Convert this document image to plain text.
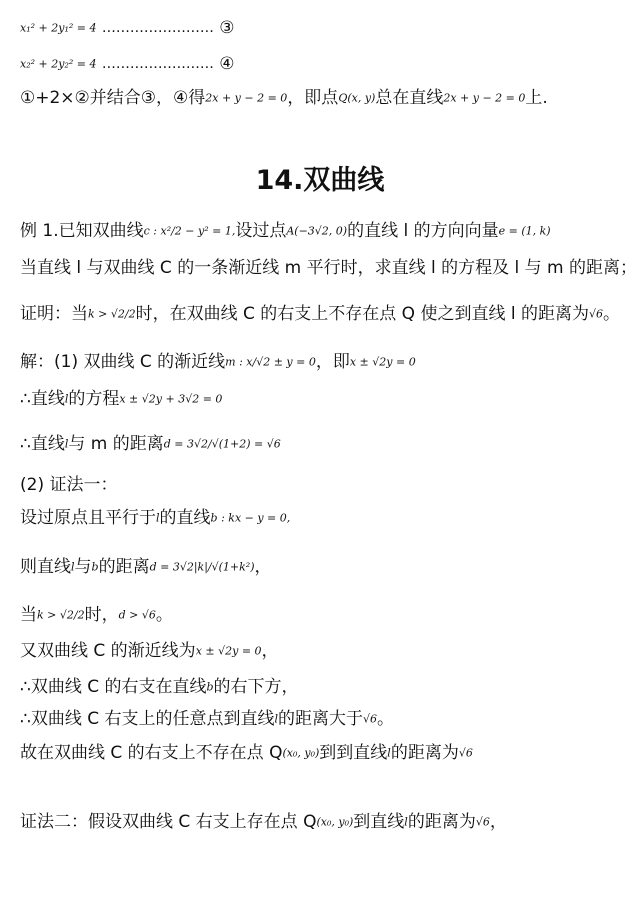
x₁² + 2y₁² = 4 …………………… ③
x₂² + 2y₂² = 4 …………………… ④
①+2×②并结合③，④得2x + y − 2 = 0，即点Q(x, y)总在直线2x + y − 2 = 0上.
14.双曲线
例 1.已知双曲线c : x²/2 − y² = 1,设过点A(−3√2, 0)的直线 l 的方向向量e = (1, k)
当直线 l 与双曲线 C 的一条渐近线 m 平行时，求直线 l 的方程及 l 与 m 的距离；
证明：当k > √2/2时，在双曲线 C 的右支上不存在点 Q 使之到直线 l 的距离为√6。
解：(1) 双曲线 C 的渐近线m : x/√2 ± y = 0，即x ± √2y = 0
∴直线l的方程x ± √2y + 3√2 = 0
∴直线l与 m 的距离d = 3√2/√(1+2) = √6
(2) 证法一：
设过原点且平行于l的直线b : kx − y = 0,
则直线l与b的距离d = 3√2|k|/√(1+k²)，
当k > √2/2时，d > √6。
又双曲线 C 的渐近线为x ± √2y = 0，
∴双曲线 C 的右支在直线b的右下方，
∴双曲线 C 右支上的任意点到直线l的距离大于√6。
故在双曲线 C 的右支上不存在点 Q(x₀, y₀)到到直线l的距离为√6
证法二：假设双曲线 C 右支上存在点 Q(x₀, y₀)到直线l的距离为√6，
